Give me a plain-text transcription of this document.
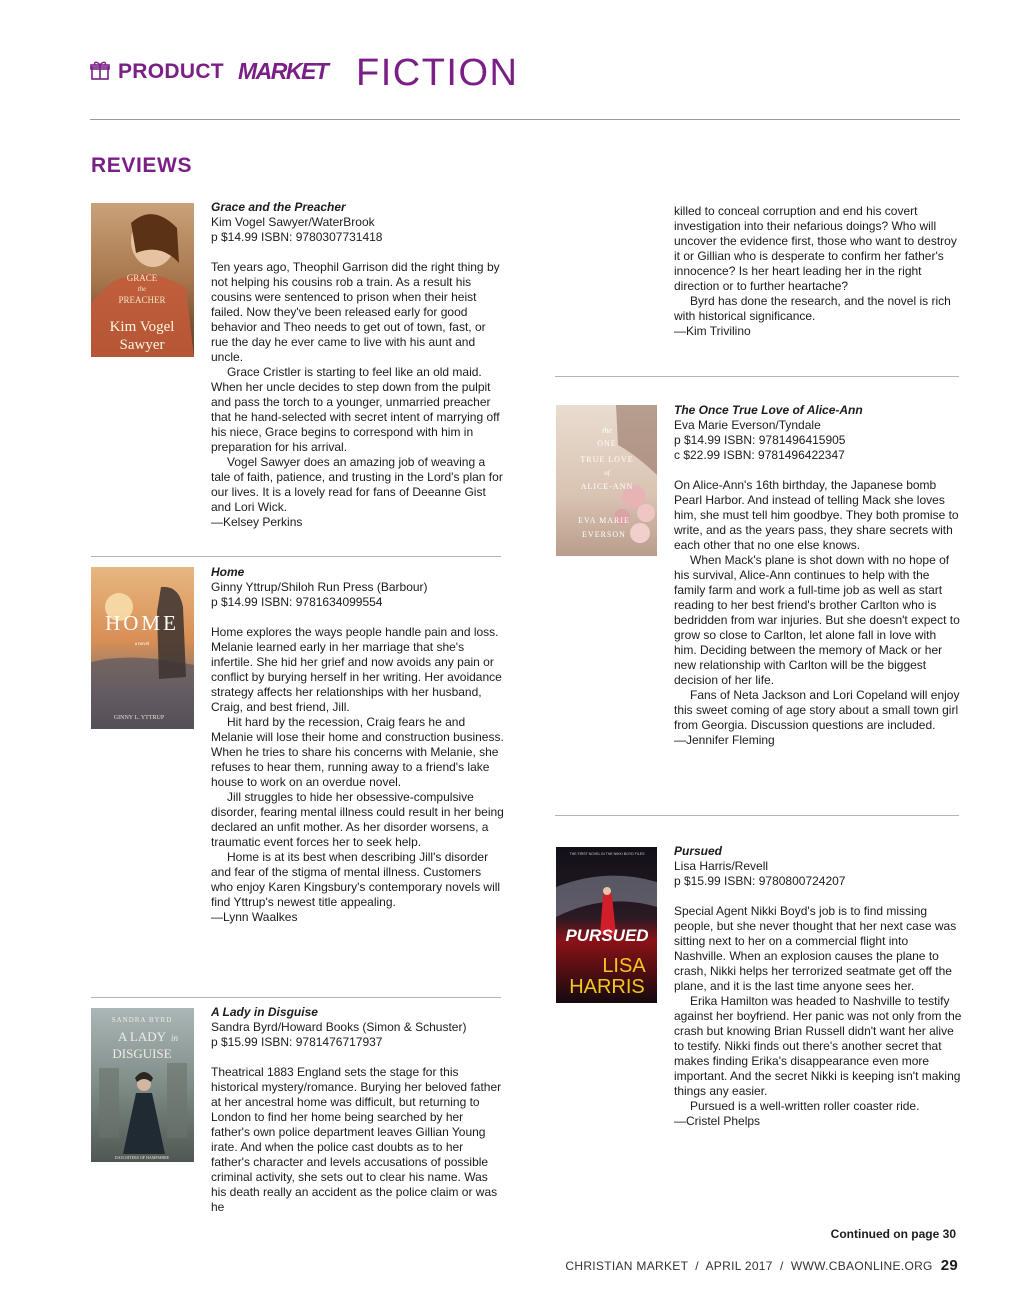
PRODUCT MARKET FICTION
REVIEWS
GRACE
the
PREACHER
Kim Vogel
Sawyer
Grace and the Preacher
Kim Vogel Sawyer/WaterBrook
p $14.99 ISBN: 9780307731418

Ten years ago, Theophil Garrison did the right thing by not helping his cousins rob a train. As a result his cousins were sentenced to prison when their heist failed. Now they've been released early for good behavior and Theo needs to get out of town, fast, or rue the day he ever came to live with his aunt and uncle.

Grace Cristler is starting to feel like an old maid. When her uncle decides to step down from the pulpit and pass the torch to a younger, unmarried preacher that he hand-selected with secret intent of marrying off his niece, Grace begins to correspond with him in preparation for his arrival.

Vogel Sawyer does an amazing job of weaving a tale of faith, patience, and trusting in the Lord's plan for our lives. It is a lovely read for fans of Deeanne Gist and Lori Wick.

—Kelsey Perkins

HOME
a novel
GINNY L. YTTRUP
Home
Ginny Yttrup/Shiloh Run Press (Barbour)
p $14.99 ISBN: 9781634099554

Home explores the ways people handle pain and loss. Melanie learned early in her marriage that she's infertile. She hid her grief and now avoids any pain or conflict by burying herself in her writing. Her avoidance strategy affects her relationships with her husband, Craig, and best friend, Jill.

Hit hard by the recession, Craig fears he and Melanie will lose their home and construction business. When he tries to share his concerns with Melanie, she refuses to hear them, running away to a friend's lake house to work on an overdue novel.

Jill struggles to hide her obsessive-compulsive disorder, fearing mental illness could result in her being declared an unfit mother. As her disorder worsens, a traumatic event forces her to seek help.

Home is at its best when describing Jill's disorder and fear of the stigma of mental illness. Customers who enjoy Karen Kingsbury's contemporary novels will find Yttrup's newest title appealing.

—Lynn Waalkes

SANDRA BYRD
A LADY in
DISGUISE
DAUGHTERS OF HAMPSHIRE
A Lady in Disguise
Sandra Byrd/Howard Books (Simon & Schuster)
p $15.99 ISBN: 9781476717937

Theatrical 1883 England sets the stage for this historical mystery/romance. Burying her beloved father at her ancestral home was difficult, but returning to London to find her home being searched by her father's own police department leaves Gillian Young irate. And when the police cast doubts as to her father's character and levels accusations of possible criminal activity, she sets out to clear his name. Was his death really an accident as the police claim or was he

killed to conceal corruption and end his covert investigation into their nefarious doings? Who will uncover the evidence first, those who want to destroy it or Gillian who is desperate to confirm her father's innocence? Is her heart leading her in the right direction or to further heartache?

Byrd has done the research, and the novel is rich with historical significance.

—Kim Trivilino

the
ONE
TRUE LOVE
of
ALICE-ANN
EVA MARIE
EVERSON
The Once True Love of Alice-Ann
Eva Marie Everson/Tyndale
p $14.99 ISBN: 9781496415905
c $22.99 ISBN: 9781496422347

On Alice-Ann's 16th birthday, the Japanese bomb Pearl Harbor. And instead of telling Mack she loves him, she must tell him goodbye. They both promise to write, and as the years pass, they share secrets with each other that no one else knows.

When Mack's plane is shot down with no hope of his survival, Alice-Ann continues to help with the family farm and work a full-time job as well as start reading to her best friend's brother Carlton who is bedridden from war injuries. But she doesn't expect to grow so close to Carlton, let alone fall in love with him. Deciding between the memory of Mack or her new relationship with Carlton will be the biggest decision of her life.

Fans of Neta Jackson and Lori Copeland will enjoy this sweet coming of age story about a small town girl from Georgia. Discussion questions are included.

—Jennifer Fleming

THE FIRST NOVEL IN THE NIKKI BOYD FILES
PURSUED
LISA
HARRIS
Pursued
Lisa Harris/Revell
p $15.99 ISBN: 9780800724207

Special Agent Nikki Boyd's job is to find missing people, but she never thought that her next case was sitting next to her on a commercial flight into Nashville. When an explosion causes the plane to crash, Nikki helps her terrorized seatmate get off the plane, and it is the last time anyone sees her.

Erika Hamilton was headed to Nashville to testify against her boyfriend. Her panic was not only from the crash but knowing Brian Russell didn't want her alive to testify. Nikki finds out there's another secret that makes finding Erika's disappearance even more important. And the secret Nikki is keeping isn't making things any easier.

Pursued is a well-written roller coaster ride.

—Cristel Phelps

Continued on page 30
CHRISTIAN MARKET  /  APRIL 2017  /  WWW.CBAONLINE.ORG 29
